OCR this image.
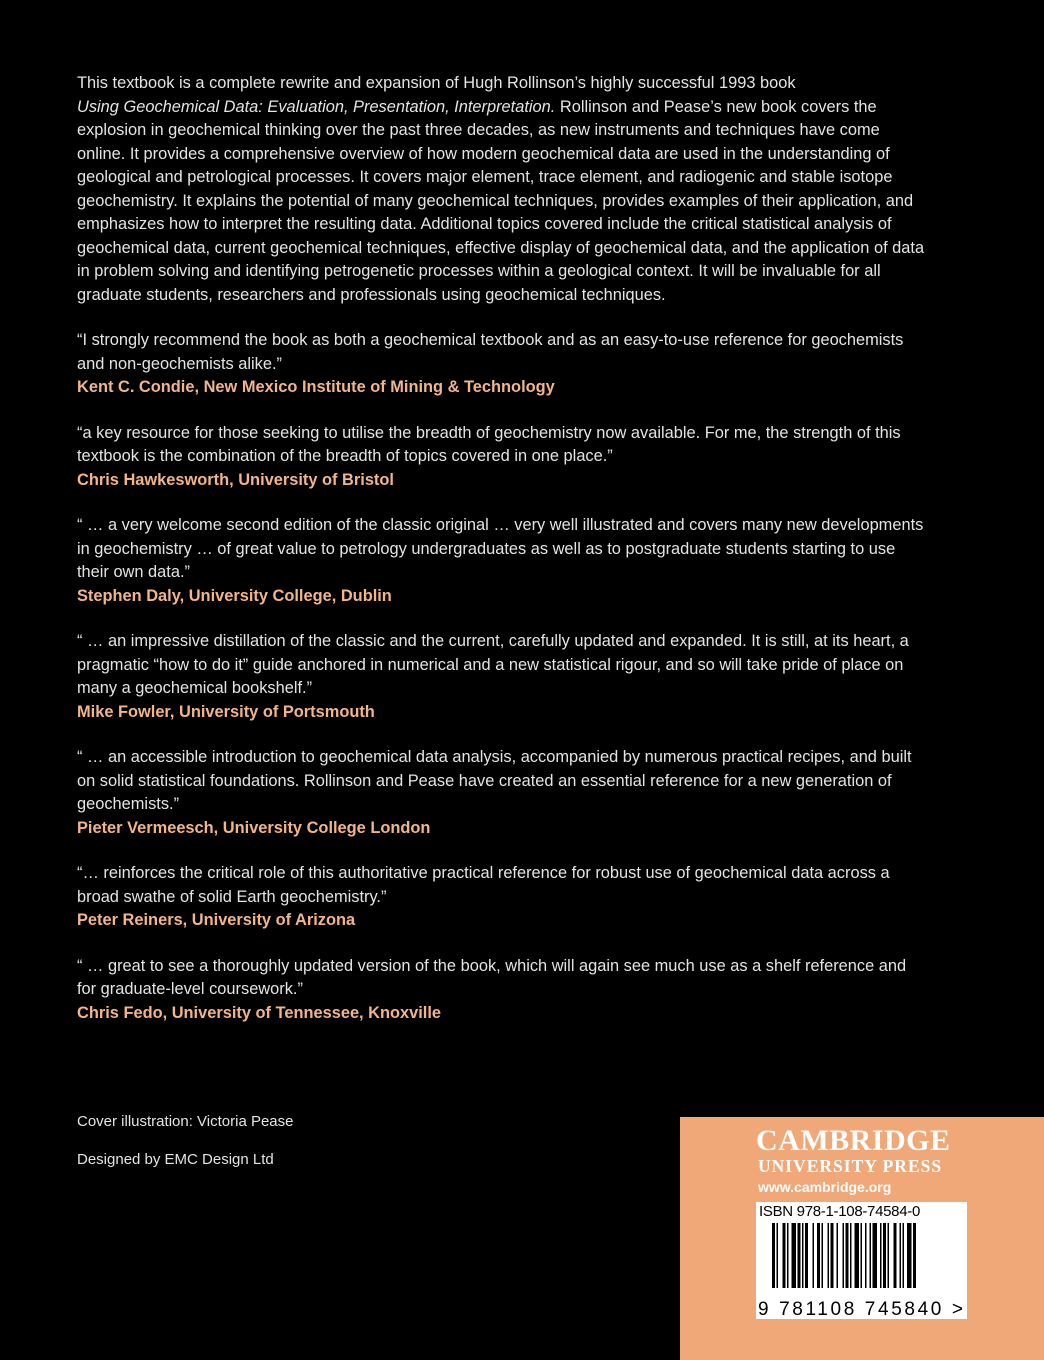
This textbook is a complete rewrite and expansion of Hugh Rollinson’s highly successful 1993 book
Using Geochemical Data: Evaluation, Presentation, Interpretation. Rollinson and Pease’s new book covers the explosion in geochemical thinking over the past three decades, as new instruments and techniques have come online. It provides a comprehensive overview of how modern geochemical data are used in the understanding of geological and petrological processes. It covers major element, trace element, and radiogenic and stable isotope geochemistry. It explains the potential of many geochemical techniques, provides examples of their application, and emphasizes how to interpret the resulting data. Additional topics covered include the critical statistical analysis of geochemical data, current geochemical techniques, effective display of geochemical data, and the application of data in problem solving and identifying petrogenetic processes within a geological context. It will be invaluable for all graduate students, researchers and professionals using geochemical techniques.

“I strongly recommend the book as both a geochemical textbook and as an easy-to-use reference for geochemists and non-geochemists alike.”

Kent C. Condie, New Mexico Institute of Mining & Technology

“a key resource for those seeking to utilise the breadth of geochemistry now available. For me, the strength of this textbook is the combination of the breadth of topics covered in one place.”

Chris Hawkesworth, University of Bristol

“ … a very welcome second edition of the classic original … very well illustrated and covers many new developments in geochemistry … of great value to petrology undergraduates as well as to postgraduate students starting to use their own data.”

Stephen Daly, University College, Dublin

“ … an impressive distillation of the classic and the current, carefully updated and expanded. It is still, at its heart, a pragmatic “how to do it” guide anchored in numerical and a new statistical rigour, and so will take pride of place on many a geochemical bookshelf.”

Mike Fowler, University of Portsmouth

“ … an accessible introduction to geochemical data analysis, accompanied by numerous practical recipes, and built on solid statistical foundations. Rollinson and Pease have created an essential reference for a new generation of geochemists.”

Pieter Vermeesch, University College London

“… reinforces the critical role of this authoritative practical reference for robust use of geochemical data across a broad swathe of solid Earth geochemistry.”

Peter Reiners, University of Arizona

“ … great to see a thoroughly updated version of the book, which will again see much use as a shelf reference and for graduate-level coursework.”

Chris Fedo, University of Tennessee, Knoxville

Cover illustration: Victoria Pease
Designed by EMC Design Ltd
CAMBRIDGE
UNIVERSITY PRESS
www.cambridge.org
ISBN 978-1-108-74584-0
9 781108 745840 >
